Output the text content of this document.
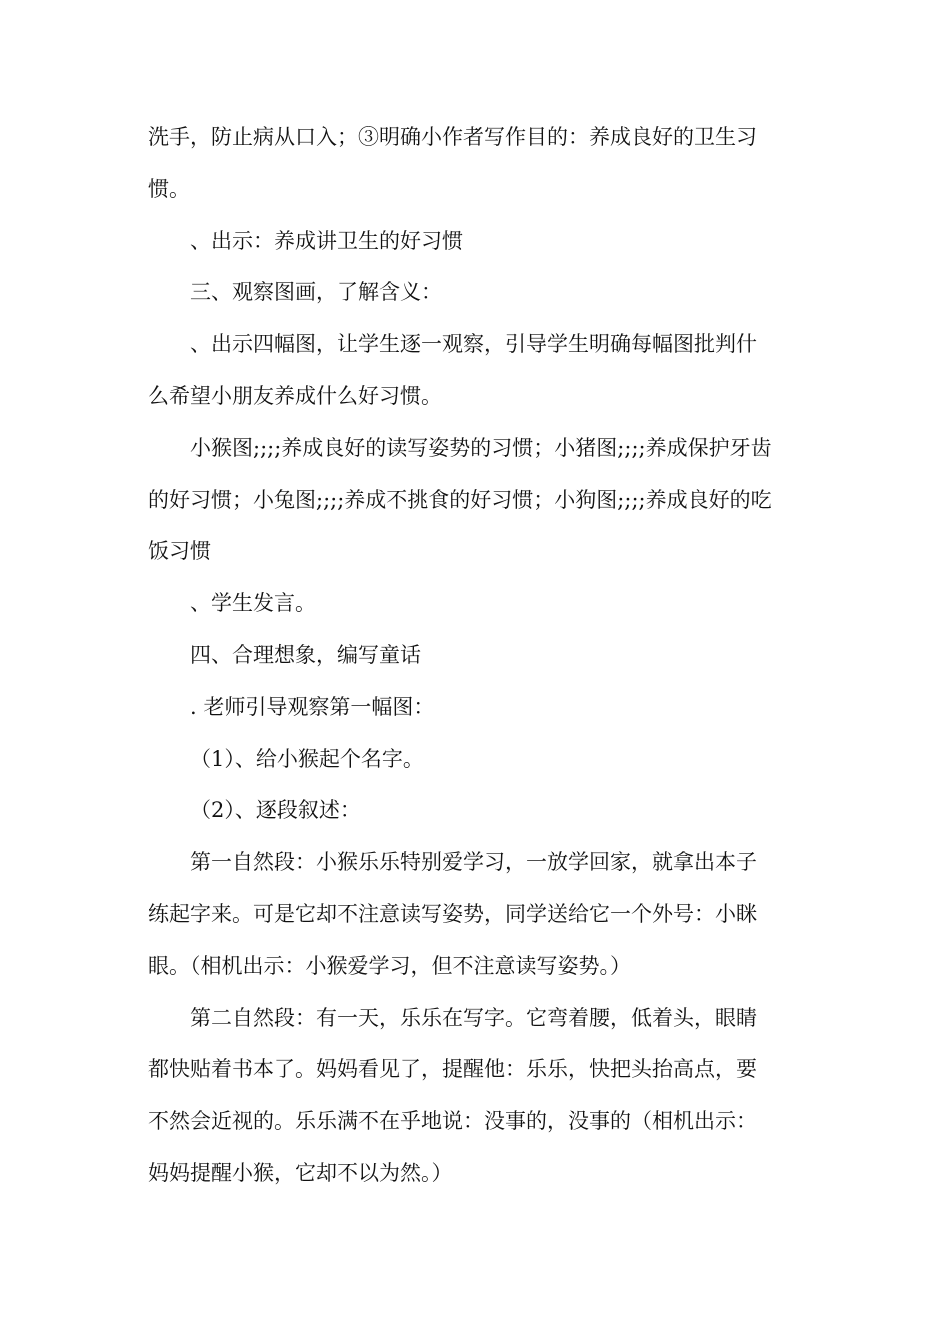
洗手，防止病从口入；③明确小作者写作目的：养成良好的卫生习
惯。
、出示：养成讲卫生的好习惯
三、观察图画，了解含义：
、出示四幅图，让学生逐一观察，引导学生明确每幅图批判什
么希望小朋友养成什么好习惯。
小猴图;;;;养成良好的读写姿势的习惯；小猪图;;;;养成保护牙齿
的好习惯；小兔图;;;;养成不挑食的好习惯；小狗图;;;;养成良好的吃
饭习惯
、学生发言。
四、合理想象，编写童话
. 老师引导观察第一幅图：
（1）、给小猴起个名字。
（2）、逐段叙述：
第一自然段：小猴乐乐特别爱学习，一放学回家，就拿出本子
练起字来。可是它却不注意读写姿势，同学送给它一个外号：小眯
眼。（相机出示：小猴爱学习，但不注意读写姿势。）
第二自然段：有一天，乐乐在写字。它弯着腰，低着头，眼睛
都快贴着书本了。妈妈看见了，提醒他：乐乐，快把头抬高点，要
不然会近视的。乐乐满不在乎地说：没事的，没事的（相机出示：
妈妈提醒小猴，它却不以为然。）
